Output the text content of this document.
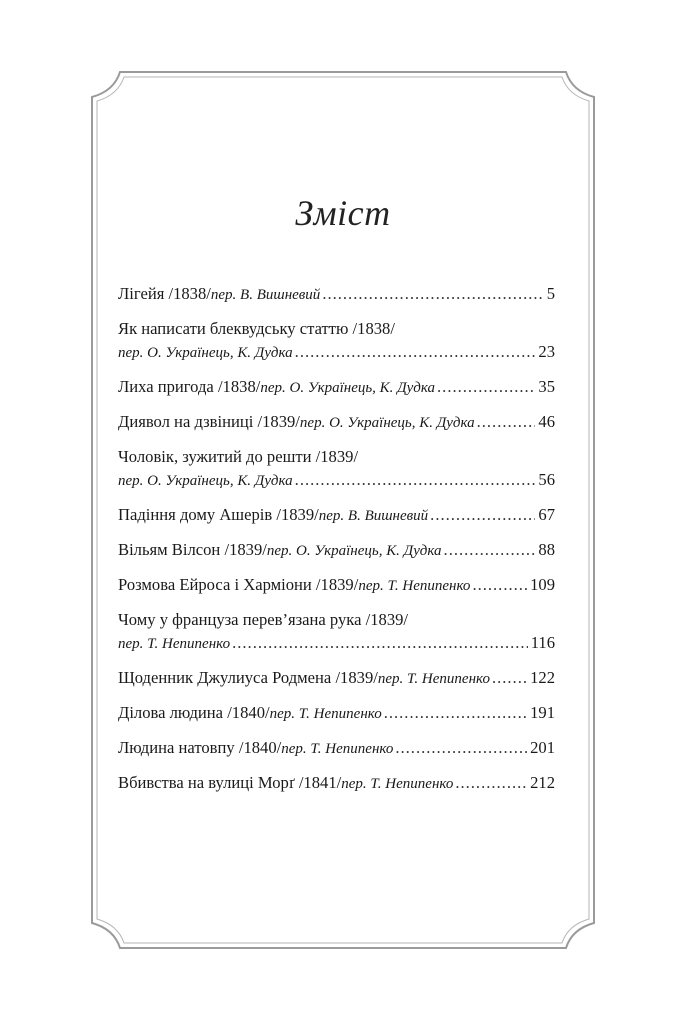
Зміст
Лігейя /1838/ пер. В. Вишневий .....	5
Як написати блеквудську статтю /1838/
пер. О. Українець, К. Дудка .....	23
Лиха пригода /1838/ пер. О. Українець, К. Дудка .....	35
Диявол на дзвіниці /1839/ пер. О. Українець, К. Дудка .....	46
Чоловік, зужитий до решти /1839/
пер. О. Українець, К. Дудка .....	56
Падіння дому Ашерів /1839/ пер. В. Вишневий .....	67
Вільям Вілсон /1839/ пер. О. Українець, К. Дудка .....	88
Розмова Ейроса і Харміони /1839/ пер. Т. Непипенко .....	109
Чому у француза перев’язана рука /1839/
пер. Т. Непипенко .....	116
Щоденник Джулиуса Родмена /1839/ пер. Т. Непипенко ..... 122
Ділова людина /1840/ пер. Т. Непипенко .....	191
Людина натовпу /1840/ пер. Т. Непипенко .....	201
Вбивства на вулиці Морґ /1841/ пер. Т. Непипенко .....	212
